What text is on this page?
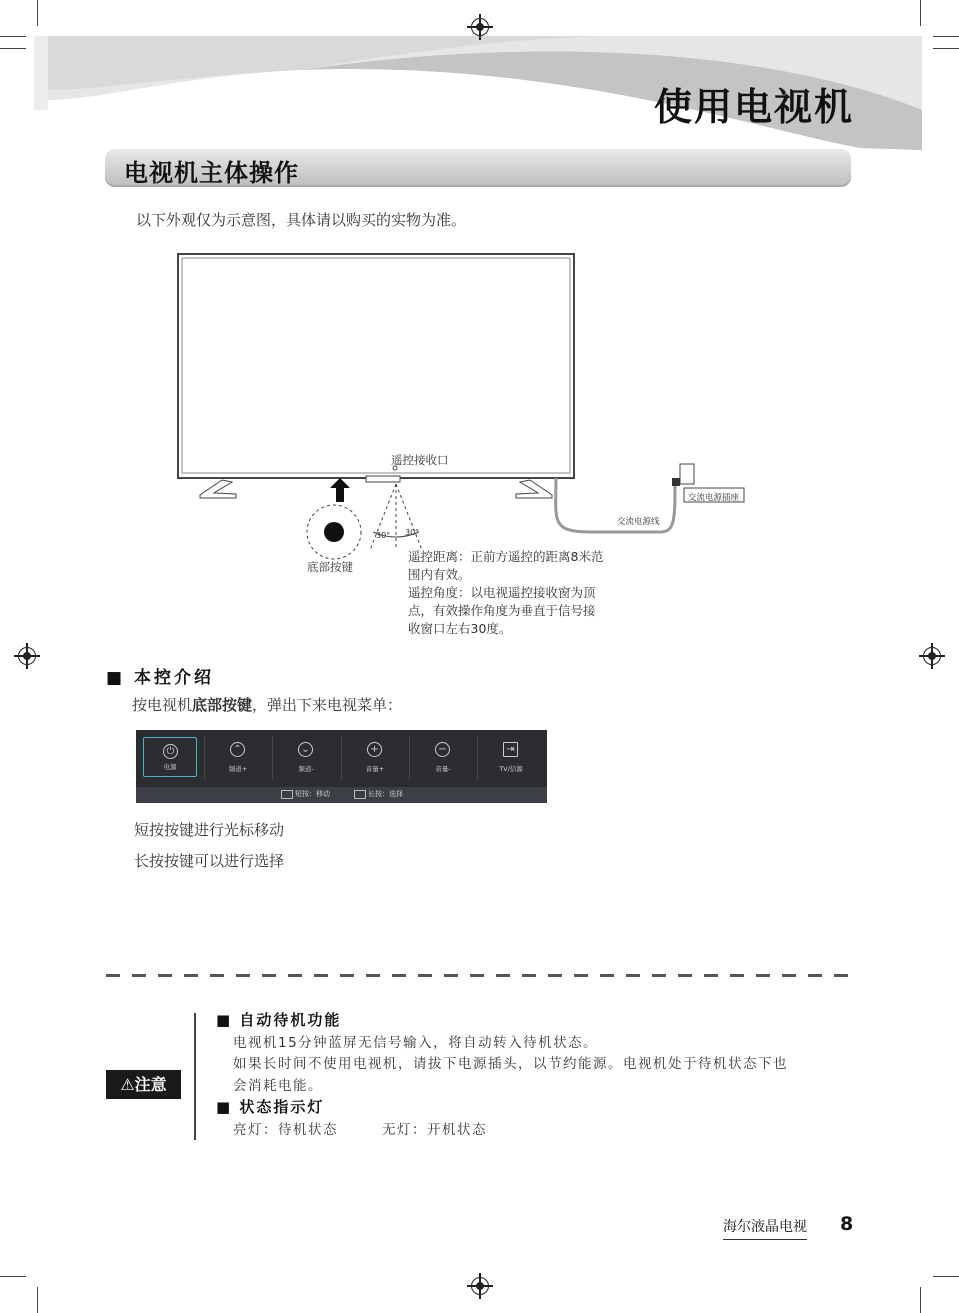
使用电视机
电视机主体操作
以下外观仅为示意图，具体请以购买的实物为准。
遥控接收口
底部按键
交流电源线
交流电源插座
30° 30°
遥控距离：正前方遥控的距离8米范
围内有效。
遥控角度：以电视遥控接收窗为顶
点，有效操作角度为垂直于信号接
收窗口左右30度。
■ 本控介绍
按电视机底部按键，弹出下来电视菜单：
⏻
电源
⌃
频道+
⌄
频道-
+
音量+
−
音量-
⇥
TV/信源
短按：移动	长按：选择
短按按键进行光标移动
长按按键可以进行选择
⚠注意
■ 自动待机功能
电视机15分钟蓝屏无信号输入，将自动转入待机状态。
如果长时间不使用电视机，请拔下电源插头，以节约能源。电视机处于待机状态下也
会消耗电能。
■ 状态指示灯
亮灯：待机状态	无灯：开机状态
海尔液晶电视 8
